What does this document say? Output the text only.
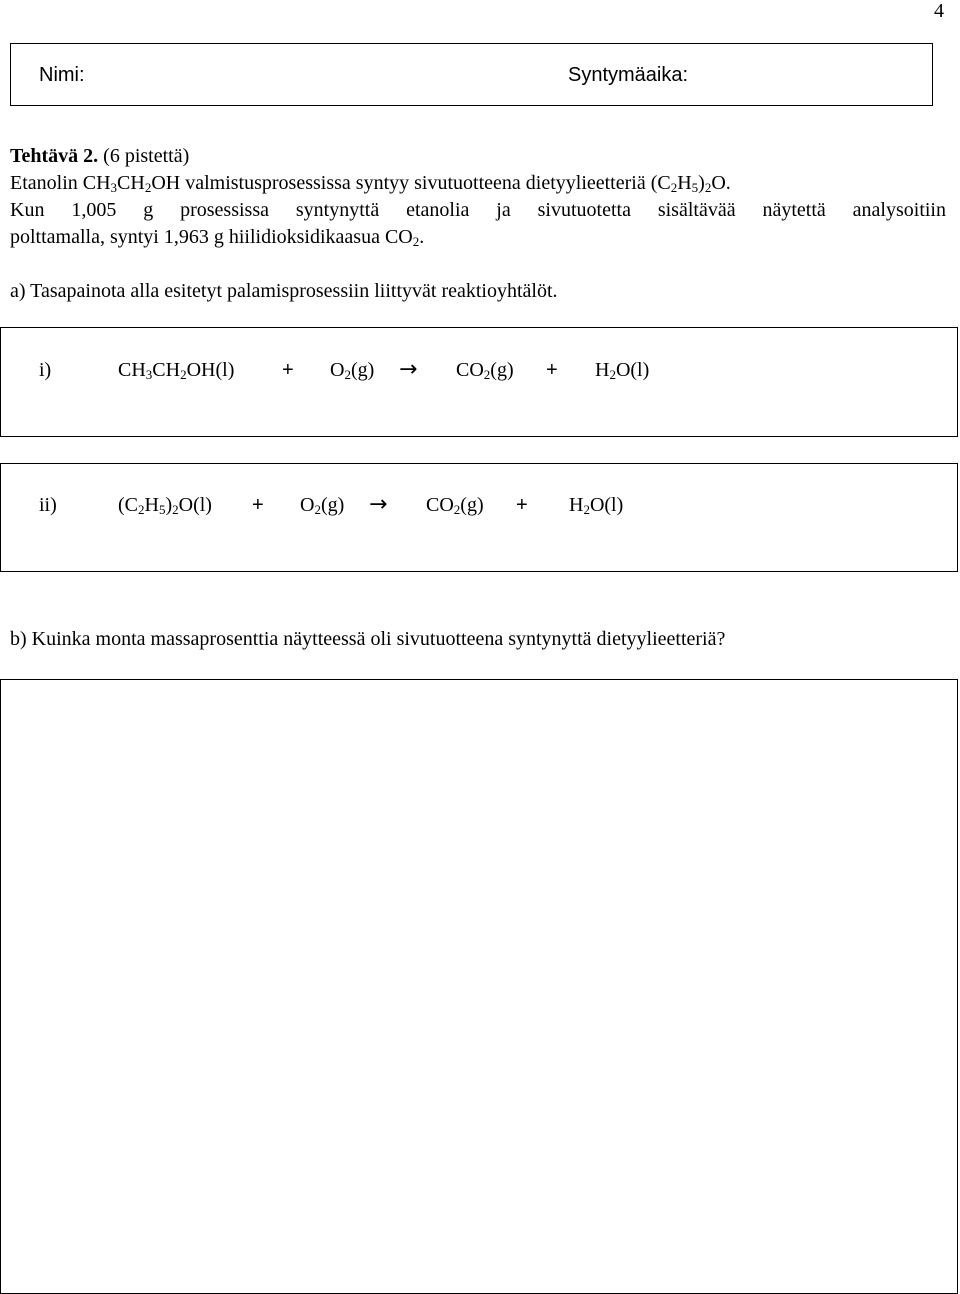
4
Nimi:	Syntymäaika:
Tehtävä 2. (6 pistettä)
Etanolin $CH_3CH_2OH$ valmistusprosessissa syntyy sivutuotteena dietyylieetteriä $(C_2H_5)_2O$.
Kun 1,005 g prosessissa syntynyttä etanolia ja sivutuotetta sisältävää näytettä analysoitiin
polttamalla, syntyi 1,963 g hiilidioksidikaasua $CO_2$.
a) Tasapainota alla esitetyt palamisprosessiin liittyvät reaktioyhtälöt.
i)	$CH_3CH_2OH(l) + O_2(g) \to CO_2(g) + H_2O(l)$
ii)	$(C_2H_5)_2O(l) + O_2(g) \to CO_2(g) + H_2O(l)$
b) Kuinka monta massaprosenttia näytteessä oli sivutuotteena syntynyttä dietyylieetteriä?
